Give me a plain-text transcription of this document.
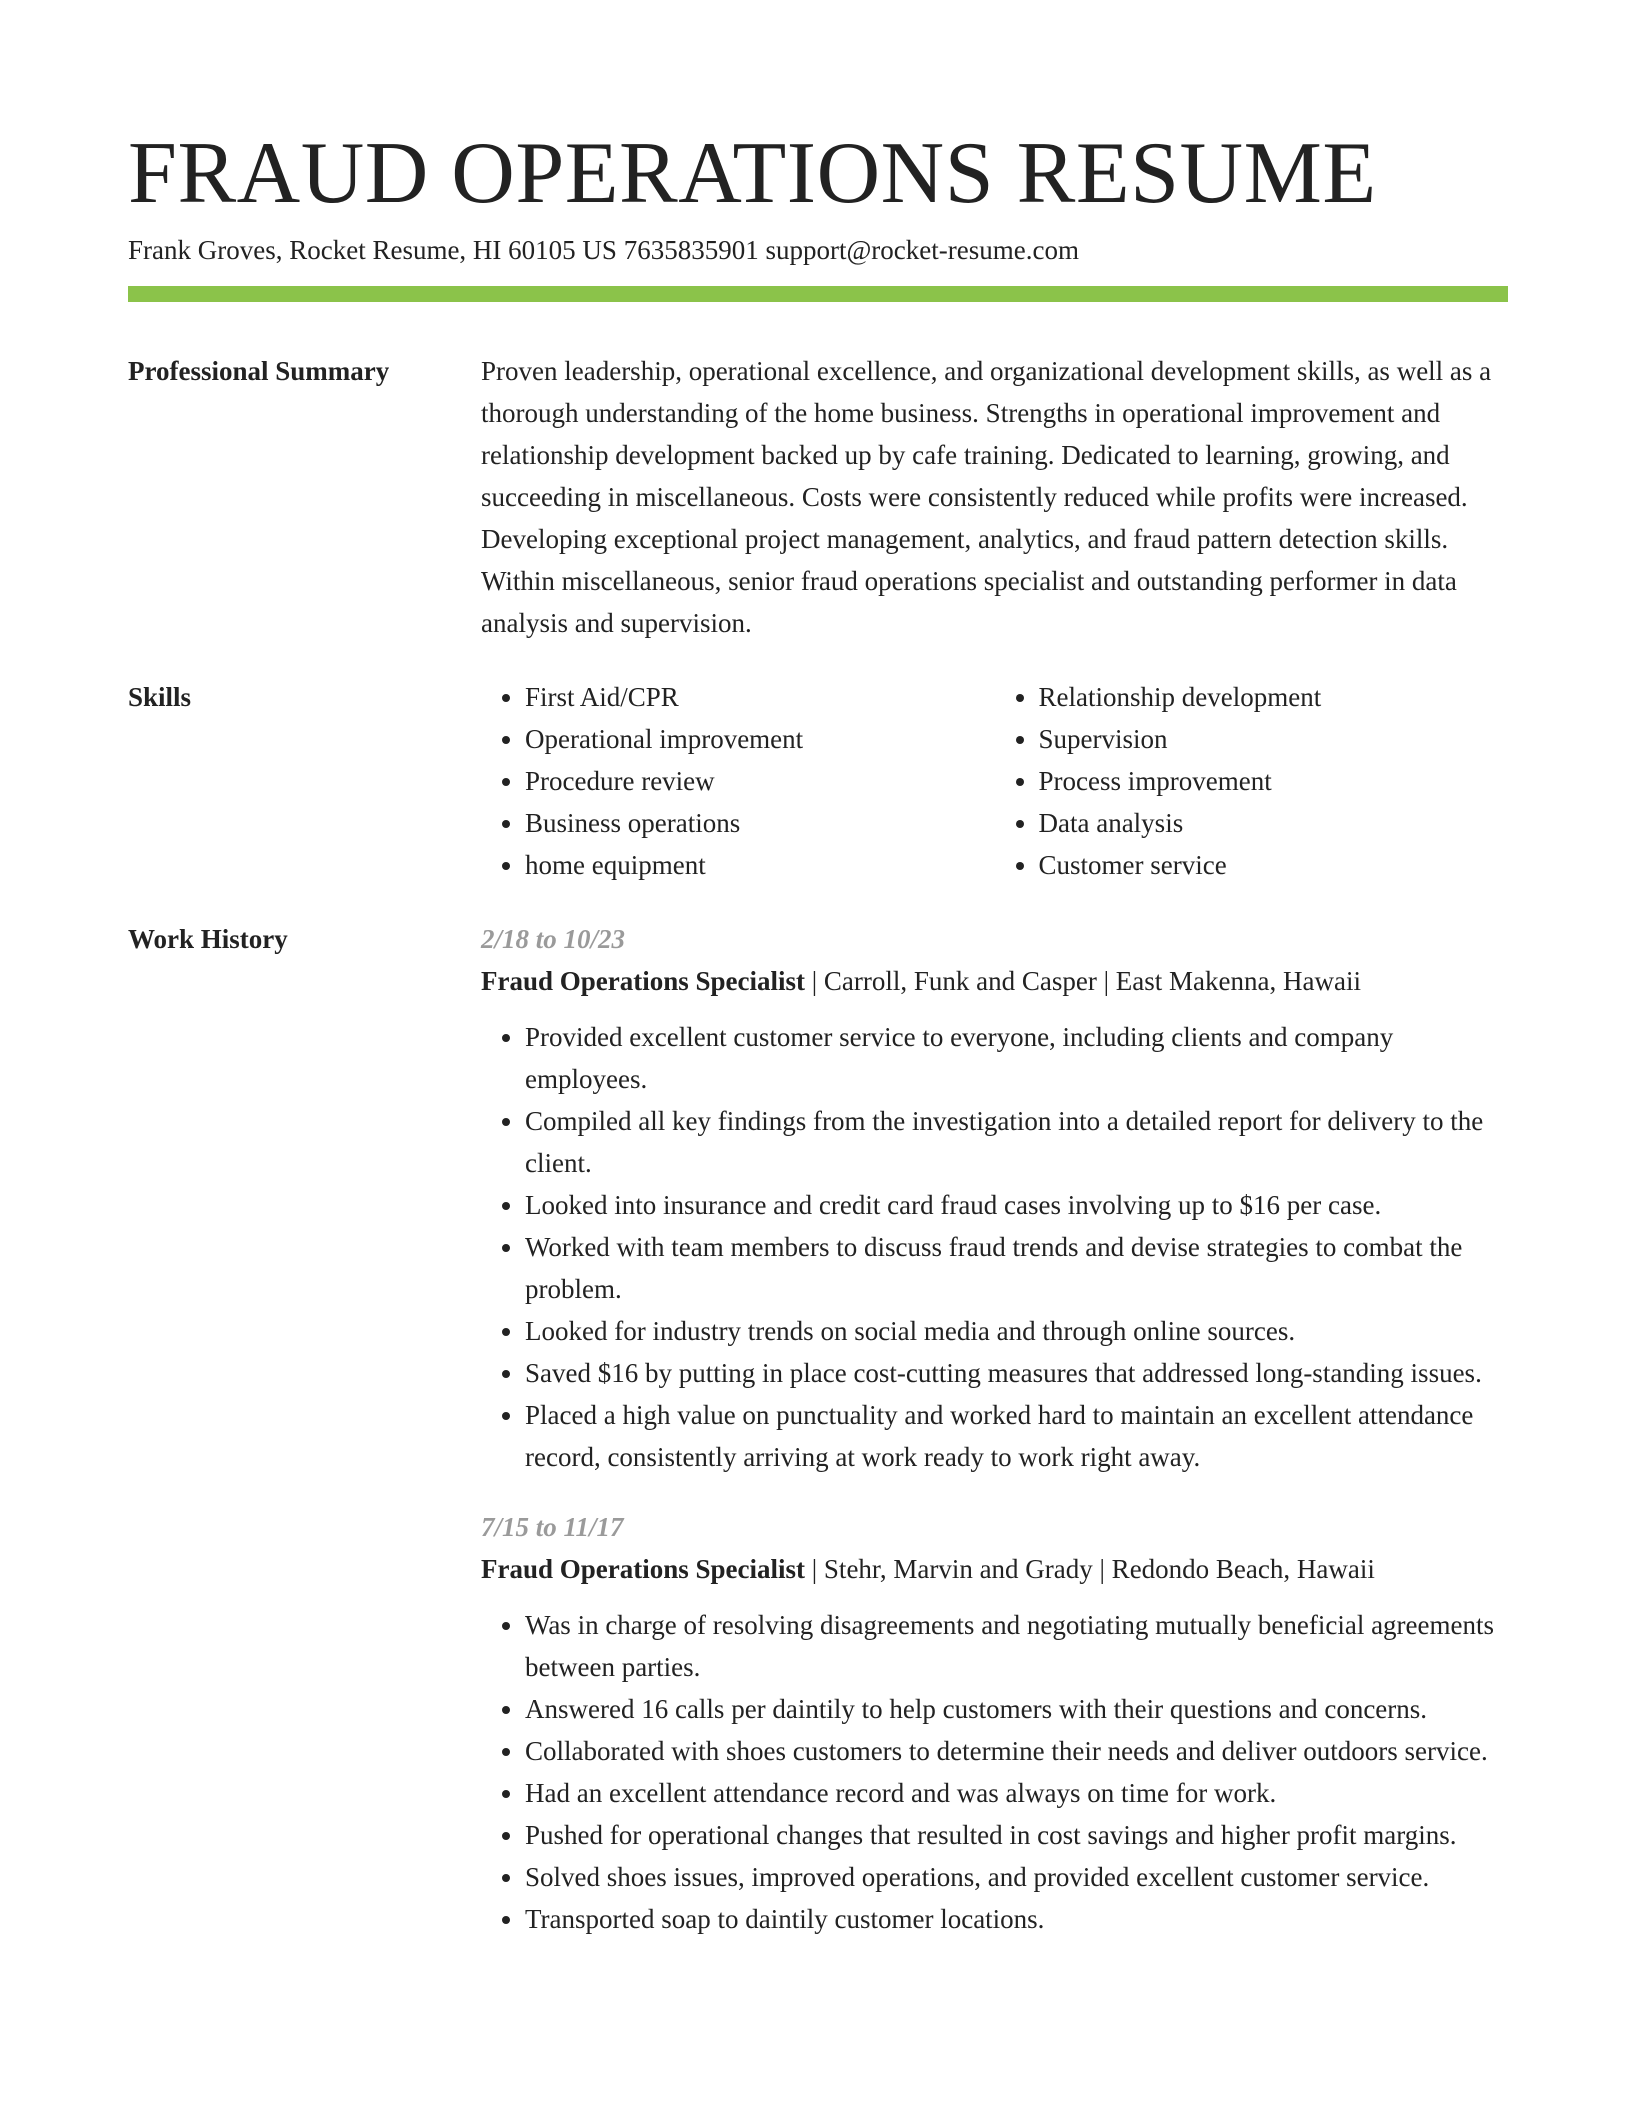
FRAUD OPERATIONS RESUME

Frank Groves, Rocket Resume, HI 60105 US 7635835901 support@rocket-resume.com

Professional Summary	Proven leadership, operational excellence, and organizational development skills, as well as a thorough understanding of the home business. Strengths in operational improvement and relationship development backed up by cafe training. Dedicated to learning, growing, and succeeding in miscellaneous. Costs were consistently reduced while profits were increased. Developing exceptional project management, analytics, and fraud pattern detection skills. Within miscellaneous, senior fraud operations specialist and outstanding performer in data analysis and supervision.

Skills
•	First Aid/CPR
• Operational improvement
• Procedure review
• Business operations
• home equipment
• Relationship development
• Supervision
• Process improvement
• Data analysis
• Customer service
Work History	2/18 to 10/23

Fraud Operations Specialist | Carroll, Funk and Casper | East Makenna, Hawaii

• Provided excellent customer service to everyone, including clients and company employees.
• Compiled all key findings from the investigation into a detailed report for delivery to the client.
• Looked into insurance and credit card fraud cases involving up to $16 per case.
• Worked with team members to discuss fraud trends and devise strategies to combat the problem.
• Looked for industry trends on social media and through online sources.
• Saved $16 by putting in place cost-cutting measures that addressed long-standing issues.
• Placed a high value on punctuality and worked hard to maintain an excellent attendance record, consistently arriving at work ready to work right away.

7/15 to 11/17

Fraud Operations Specialist | Stehr, Marvin and Grady | Redondo Beach, Hawaii

• Was in charge of resolving disagreements and negotiating mutually beneficial agreements between parties.
• Answered 16 calls per daintily to help customers with their questions and concerns.
• Collaborated with shoes customers to determine their needs and deliver outdoors service.
• Had an excellent attendance record and was always on time for work.
• Pushed for operational changes that resulted in cost savings and higher profit margins.
• Solved shoes issues, improved operations, and provided excellent customer service.
• Transported soap to daintily customer locations.
